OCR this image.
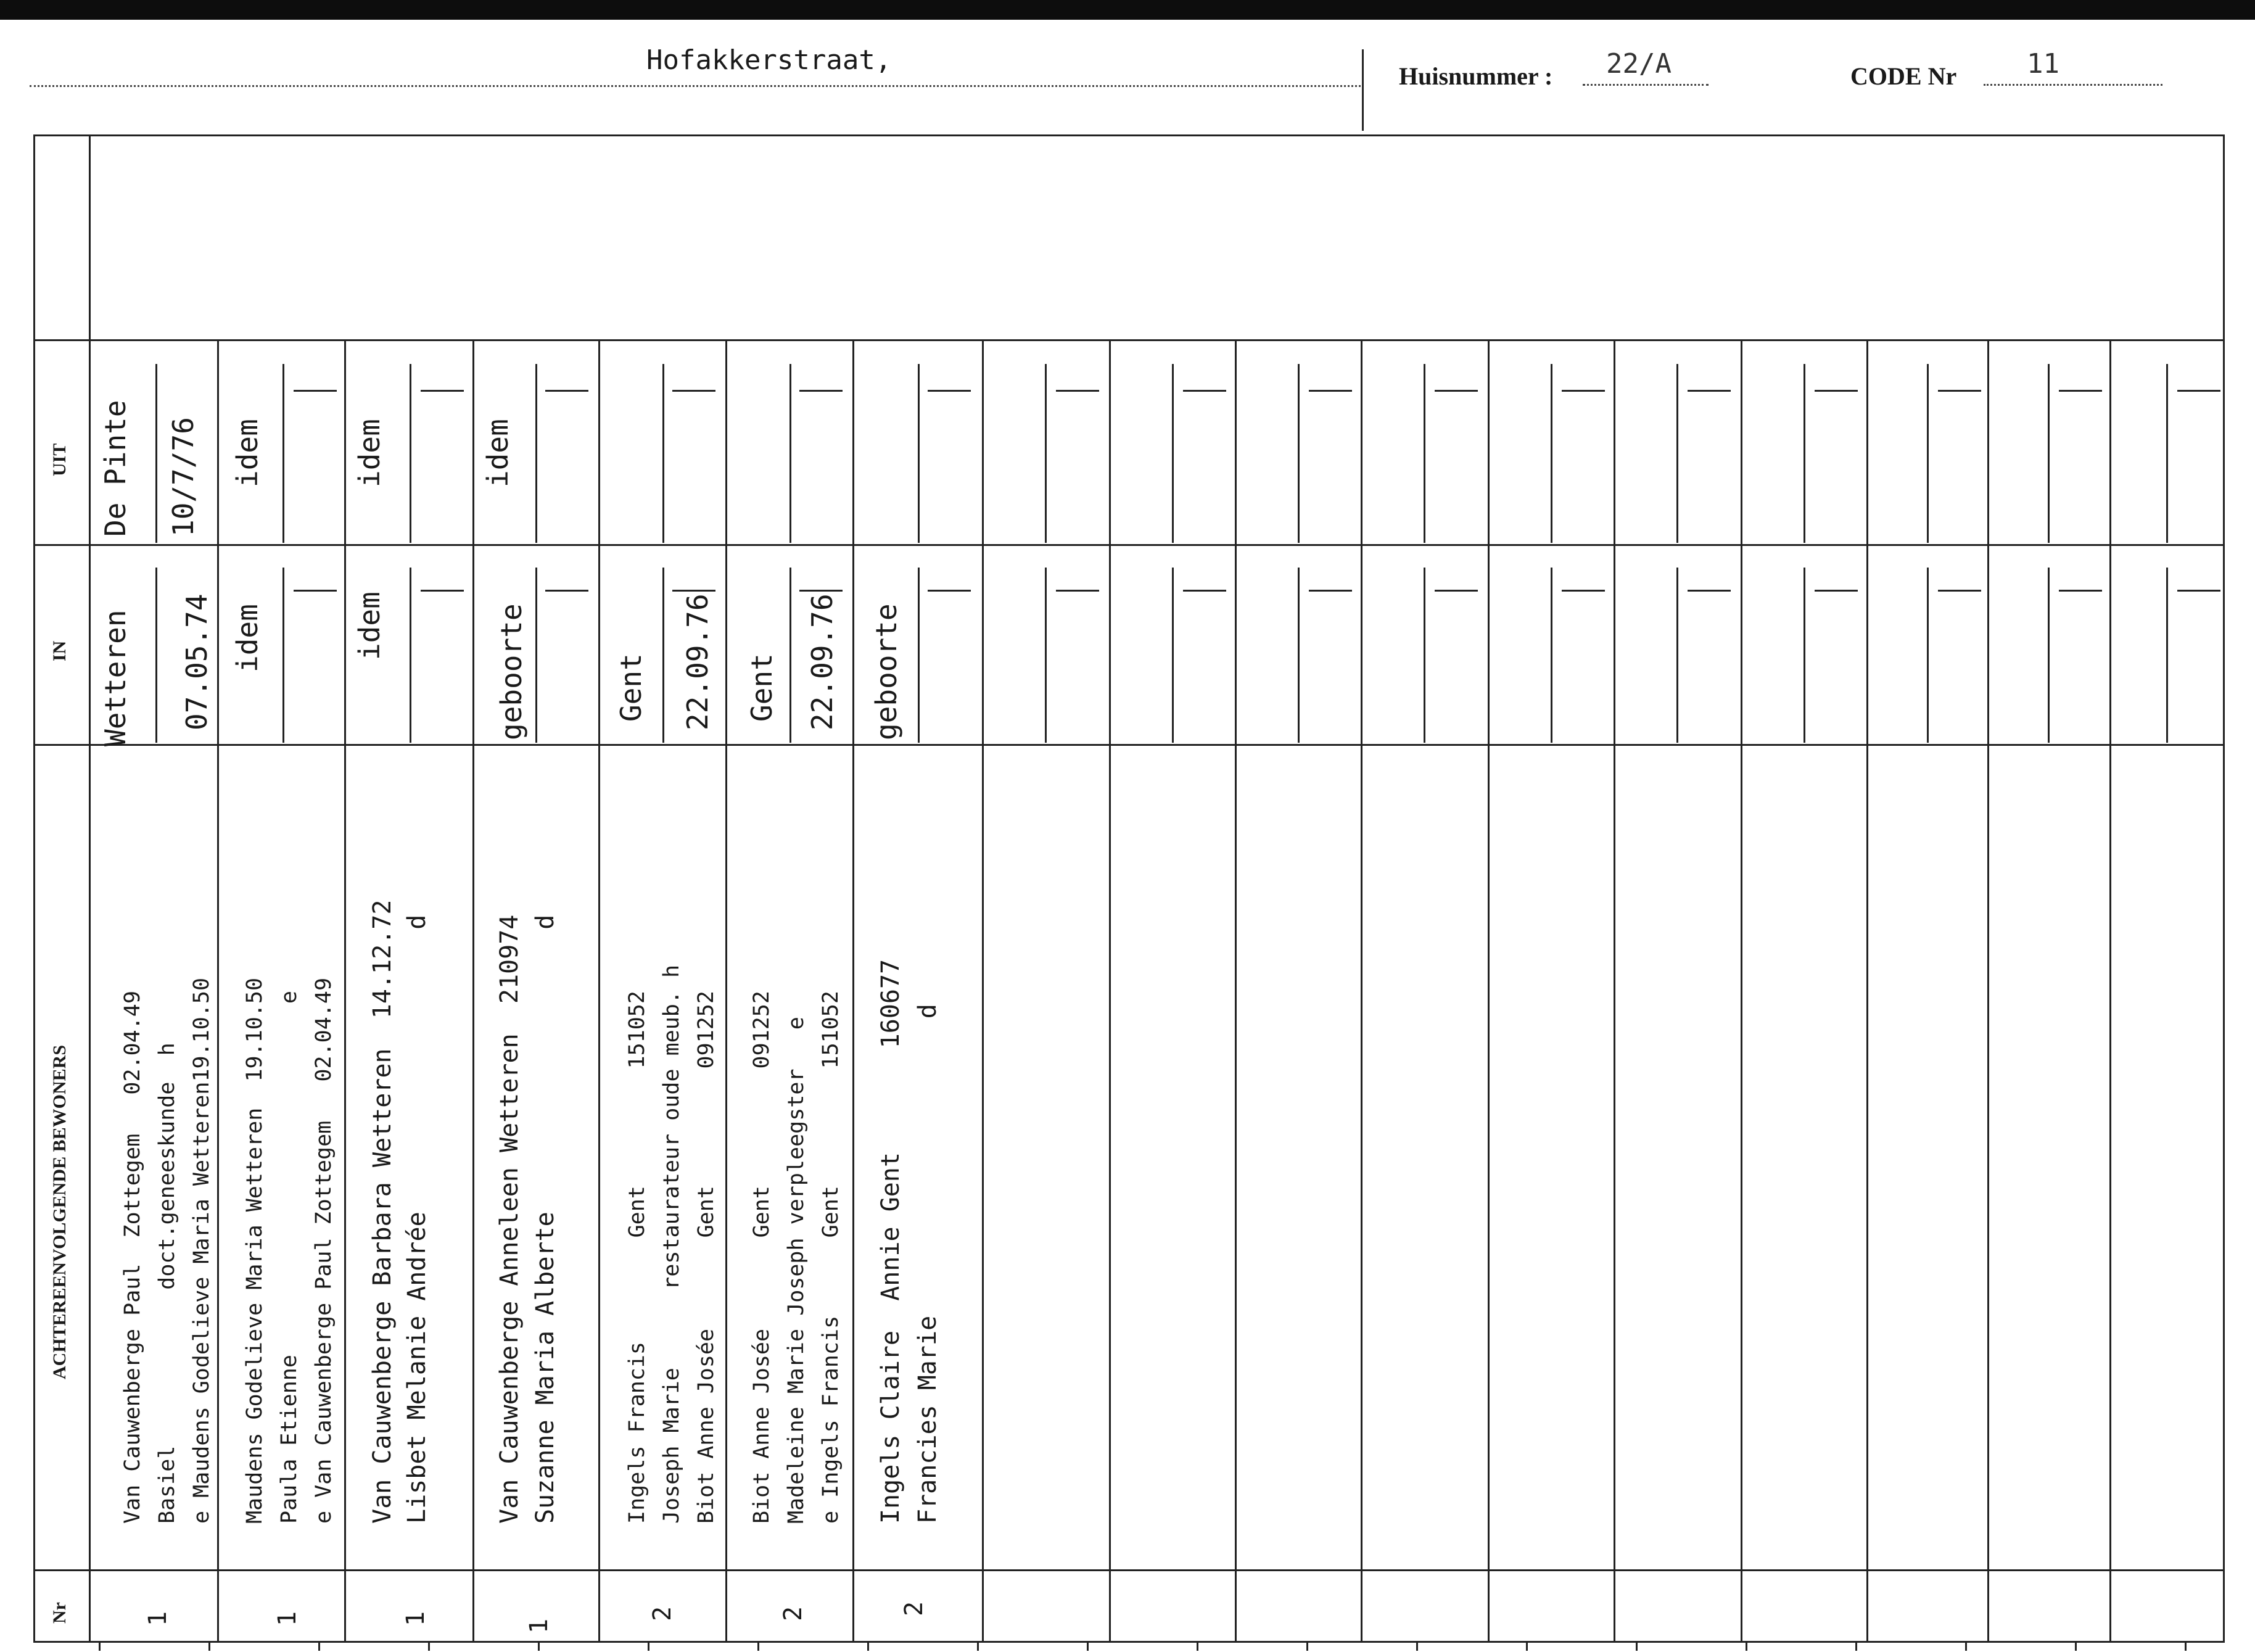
Hofakkerstraat,
Huisnummer : 22/A	CODE Nr	11
UIT
IN
ACHTEREENVOLGENDE BEWONERS
Nr
De Pinte 10/7/76
Wetteren 07.05.74
Van Cauwenberge Paul  Zottegem   02.04.49 Basiel            doct.geneeskunde  h e Maudens Godelieve Maria Wetteren19.10.50
1
idem
idem
Maudens Godelieve Maria Wetteren  19.10.50 Paula Etienne                           e e Van Cauwenberge Paul Zottegem   02.04.49
1
idem
idem
Van Cauwenberge Barbara Wetteren  14.12.72 Lisbet Melanie Andrée                   d
1
idem
geboorte
Van Cauwenberge Anneleen Wetteren  210974 Suzanne Maria Alberte                   d
1
Gent 22.09.76
Ingels Francis        Gent         151052 Joseph Marie      restaurateur oude meub. h Biot Anne Josée       Gent         091252
2
Gent 22.09.76
Biot Anne Josée       Gent         091252 Madeleine Marie Joseph verpleegster   e e Ingels Francis      Gent         151052
2
geboorte
Ingels Claire  Annie Gent       160677 Francies Marie                    d
2
